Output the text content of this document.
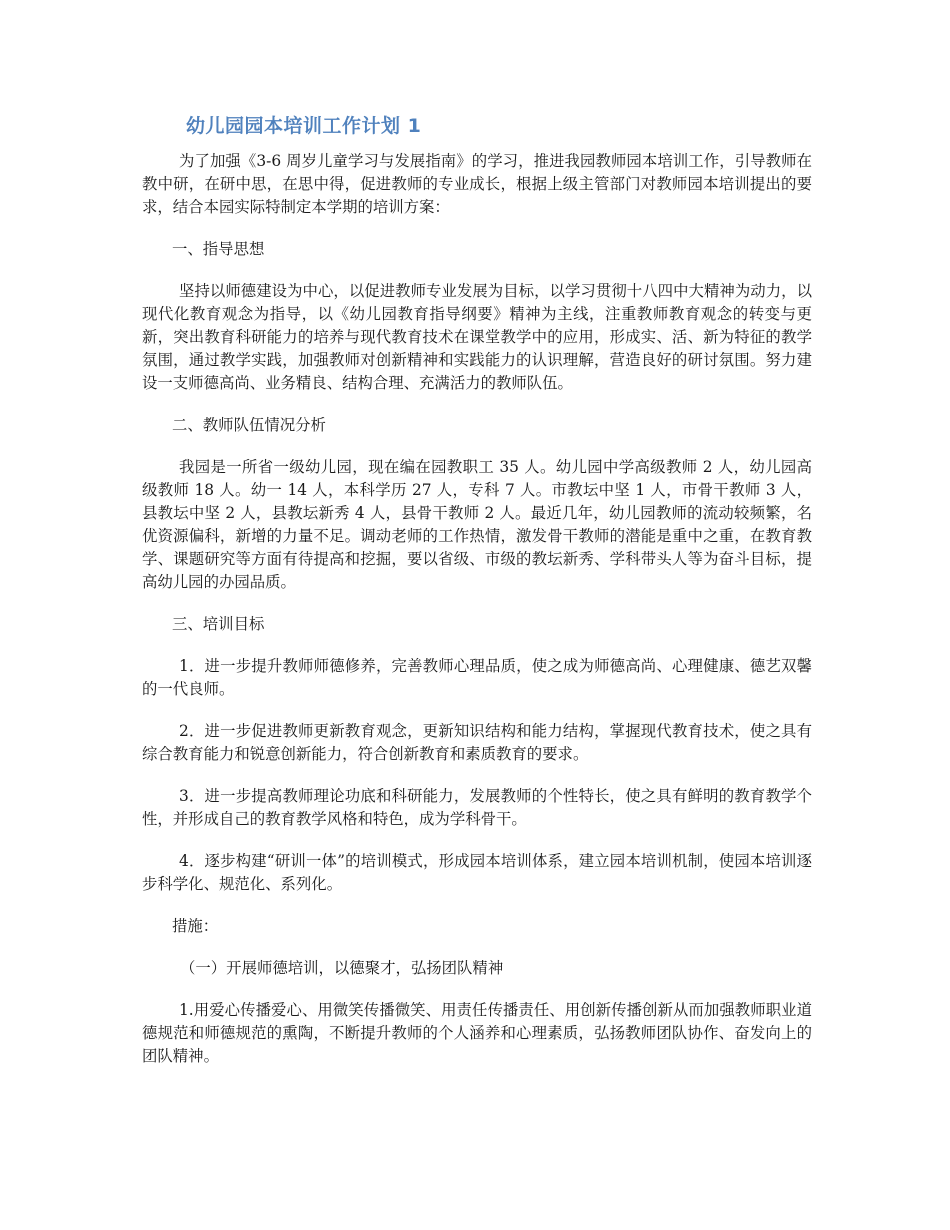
幼儿园园本培训工作计划 1

为了加强《3-6 周岁儿童学习与发展指南》的学习，推进我园教师园本培训工作，引导教师在教中研，在研中思，在思中得，促进教师的专业成长，根据上级主管部门对教师园本培训提出的要求，结合本园实际特制定本学期的培训方案：

一、指导思想

坚持以师德建设为中心，以促进教师专业发展为目标，以学习贯彻十八四中大精神为动力，以现代化教育观念为指导，以《幼儿园教育指导纲要》精神为主线，注重教师教育观念的转变与更新，突出教育科研能力的培养与现代教育技术在课堂教学中的应用，形成实、活、新为特征的教学氛围，通过教学实践，加强教师对创新精神和实践能力的认识理解，营造良好的研讨氛围。努力建设一支师德高尚、业务精良、结构合理、充满活力的教师队伍。

二、教师队伍情况分析

我园是一所省一级幼儿园，现在编在园教职工 35 人。幼儿园中学高级教师 2 人，幼儿园高级教师 18 人。幼一 14 人，本科学历 27 人，专科 7 人。市教坛中坚 1 人，市骨干教师 3 人，县教坛中坚 2 人，县教坛新秀 4 人，县骨干教师 2 人。最近几年，幼儿园教师的流动较频繁，名优资源偏科，新增的力量不足。调动老师的工作热情，激发骨干教师的潜能是重中之重，在教育教学、课题研究等方面有待提高和挖掘，要以省级、市级的教坛新秀、学科带头人等为奋斗目标，提高幼儿园的办园品质。

三、培训目标

1．进一步提升教师师德修养，完善教师心理品质，使之成为师德高尚、心理健康、德艺双馨的一代良师。

2．进一步促进教师更新教育观念，更新知识结构和能力结构，掌握现代教育技术，使之具有综合教育能力和锐意创新能力，符合创新教育和素质教育的要求。

3．进一步提高教师理论功底和科研能力，发展教师的个性特长，使之具有鲜明的教育教学个性，并形成自己的教育教学风格和特色，成为学科骨干。

4．逐步构建“研训一体”的培训模式，形成园本培训体系，建立园本培训机制，使园本培训逐步科学化、规范化、系列化。

措施：

（一）开展师德培训，以德聚才，弘扬团队精神

1.用爱心传播爱心、用微笑传播微笑、用责任传播责任、用创新传播创新从而加强教师职业道德规范和师德规范的熏陶，不断提升教师的个人涵养和心理素质，弘扬教师团队协作、奋发向上的团队精神。
